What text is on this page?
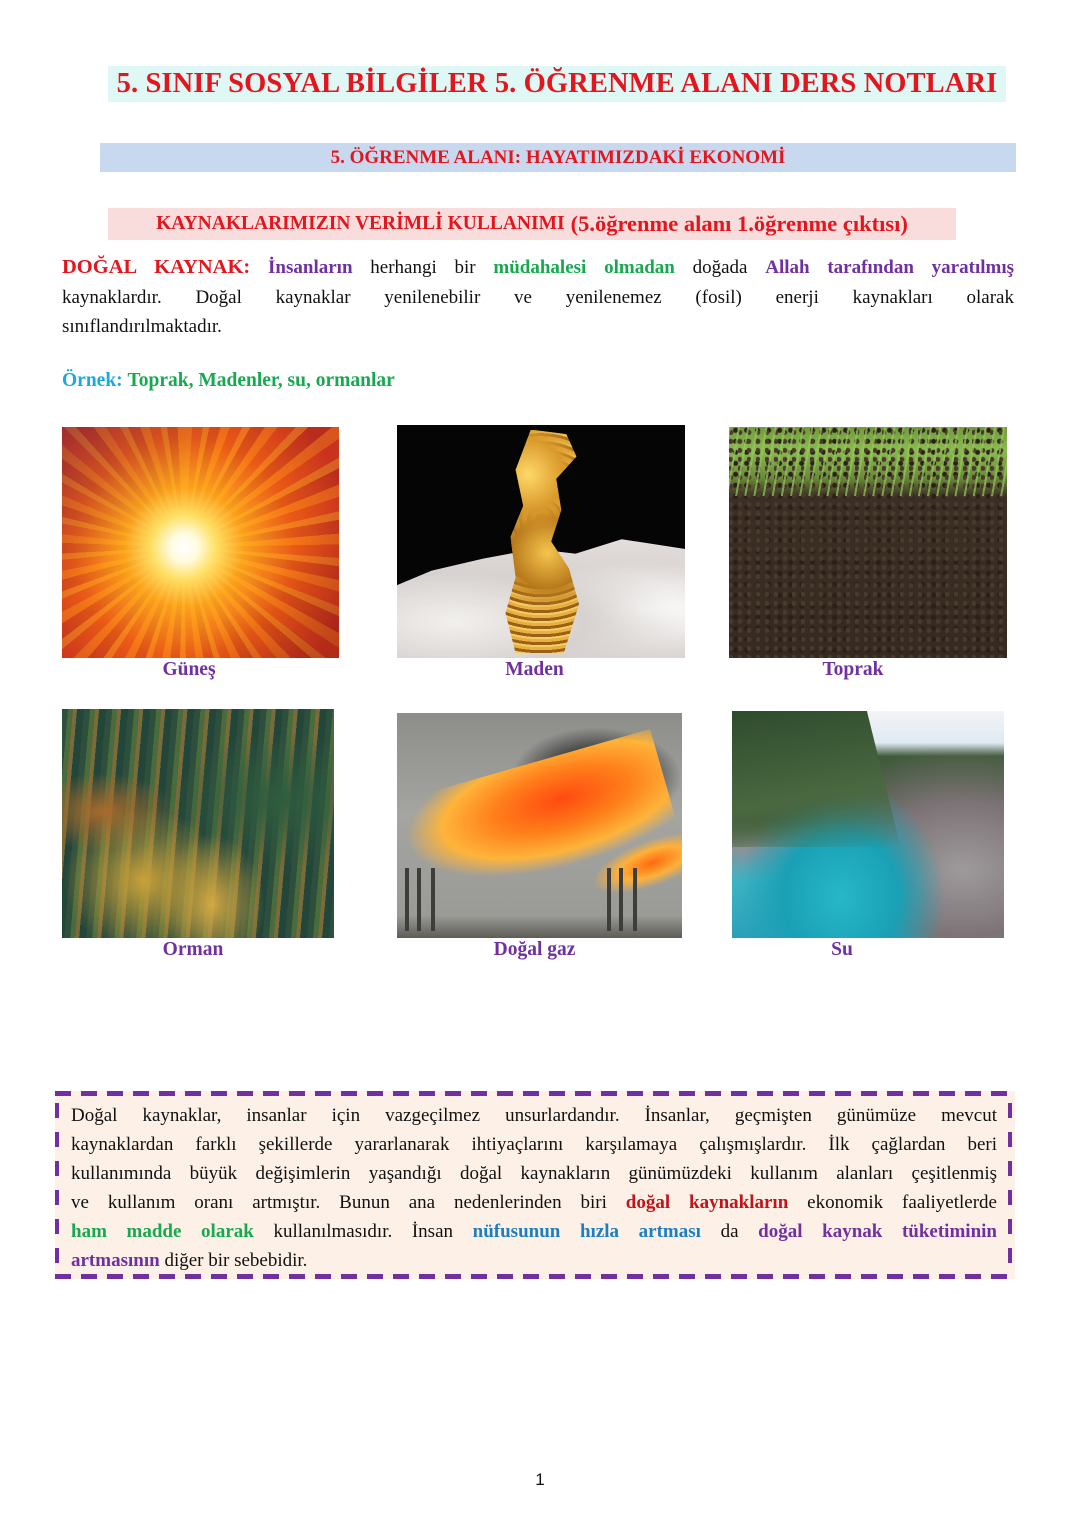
5. SINIF SOSYAL BİLGİLER 5. ÖĞRENME ALANI DERS NOTLARI
5. ÖĞRENME ALANI: HAYATIMIZDAKİ EKONOMİ
KAYNAKLARIMIZIN VERİMLİ KULLANIMI (5.öğrenme alanı 1.öğrenme çıktısı)
DOĞAL KAYNAK: İnsanların herhangi bir müdahalesi olmadan doğada Allah tarafından yaratılmış
kaynaklardır. Doğal kaynaklar yenilenebilir ve yenilenemez (fosil) enerji kaynakları olarak
sınıflandırılmaktadır.
Örnek: Toprak, Madenler, su, ormanlar
Güneş	Maden	Toprak
Orman	Doğal gaz	Su
Doğal kaynaklar, insanlar için vazgeçilmez unsurlardandır. İnsanlar, geçmişten günümüze mevcut
kaynaklardan farklı şekillerde yararlanarak ihtiyaçlarını karşılamaya çalışmışlardır. İlk çağlardan beri
kullanımında büyük değişimlerin yaşandığı doğal kaynakların günümüzdeki kullanım alanları çeşitlenmiş
ve kullanım oranı artmıştır. Bunun ana nedenlerinden biri doğal kaynakların ekonomik faaliyetlerde
ham madde olarak kullanılmasıdır. İnsan nüfusunun hızla artması da doğal kaynak tüketiminin
artmasının diğer bir sebebidir.
1
